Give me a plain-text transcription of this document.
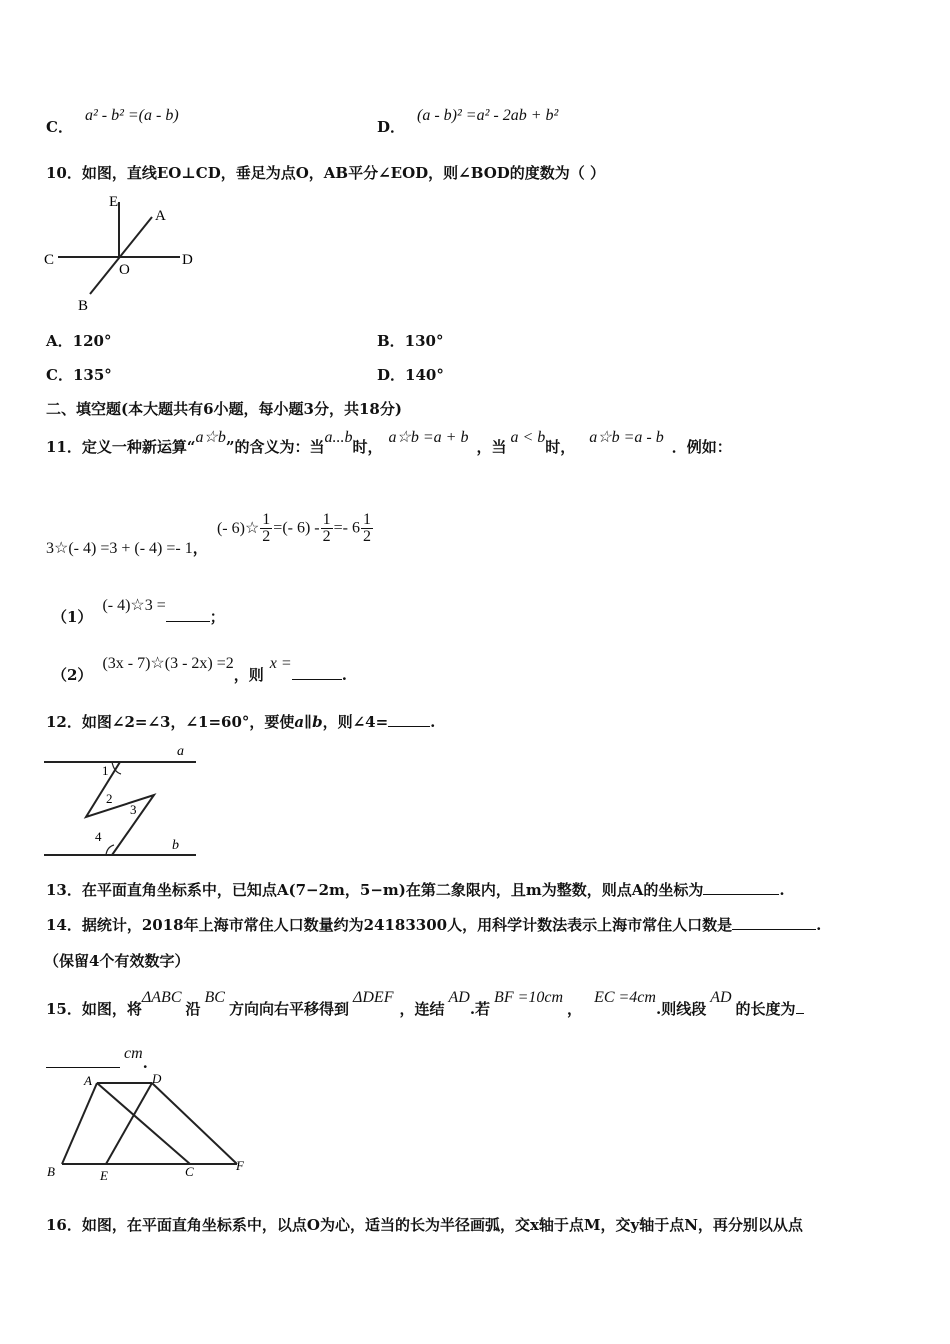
C．a² - b² =(a - b)
D．(a - b)² =a² - 2ab + b²
10．如图，直线EO⊥CD，垂足为点O，AB平分∠EOD，则∠BOD的度数为（ ）
E
A
C
O
D
B
A．120°	B．130°
C．135°	D．140°
二、填空题(本大题共有6小题，每小题3分，共18分)
11．定义一种新运算“a☆b”的含义为：当a...b时，a☆b =a + b，当a < b时，a☆b =a - b．例如：
3☆(- 4) =3 + (- 4) =- 1， (- 6)☆ $\frac{1}{2}$ =(- $6) - \frac{1}{2} =- 6 \frac{1}{2}$
（1）(- 4)☆3 =；
（2）(3x - 7)☆(3 - 2x) =2，则x =.
12．如图∠2=∠3，∠1=60°，要使a∥b，则∠4=	.
a
b
1
2
3
4
13．在平面直角坐标系中，已知点A(7−2m，5−m)在第二象限内，且m为整数，则点A的坐标为	.
14．据统计，2018年上海市常住人口数量约为24183300人，用科学计数法表示上海市常住人口数是	.
（保留4个有效数字）
15．如图，将ΔABC沿BC方向向右平移得到ΔDEF，连结AD.若BF =10cm，EC =4cm.则线段AD的长度为
cm.
A	D
B	E	C	F
16．如图，在平面直角坐标系中，以点O为心，适当的长为半径画弧，交x轴于点M，交y轴于点N，再分别以从点
